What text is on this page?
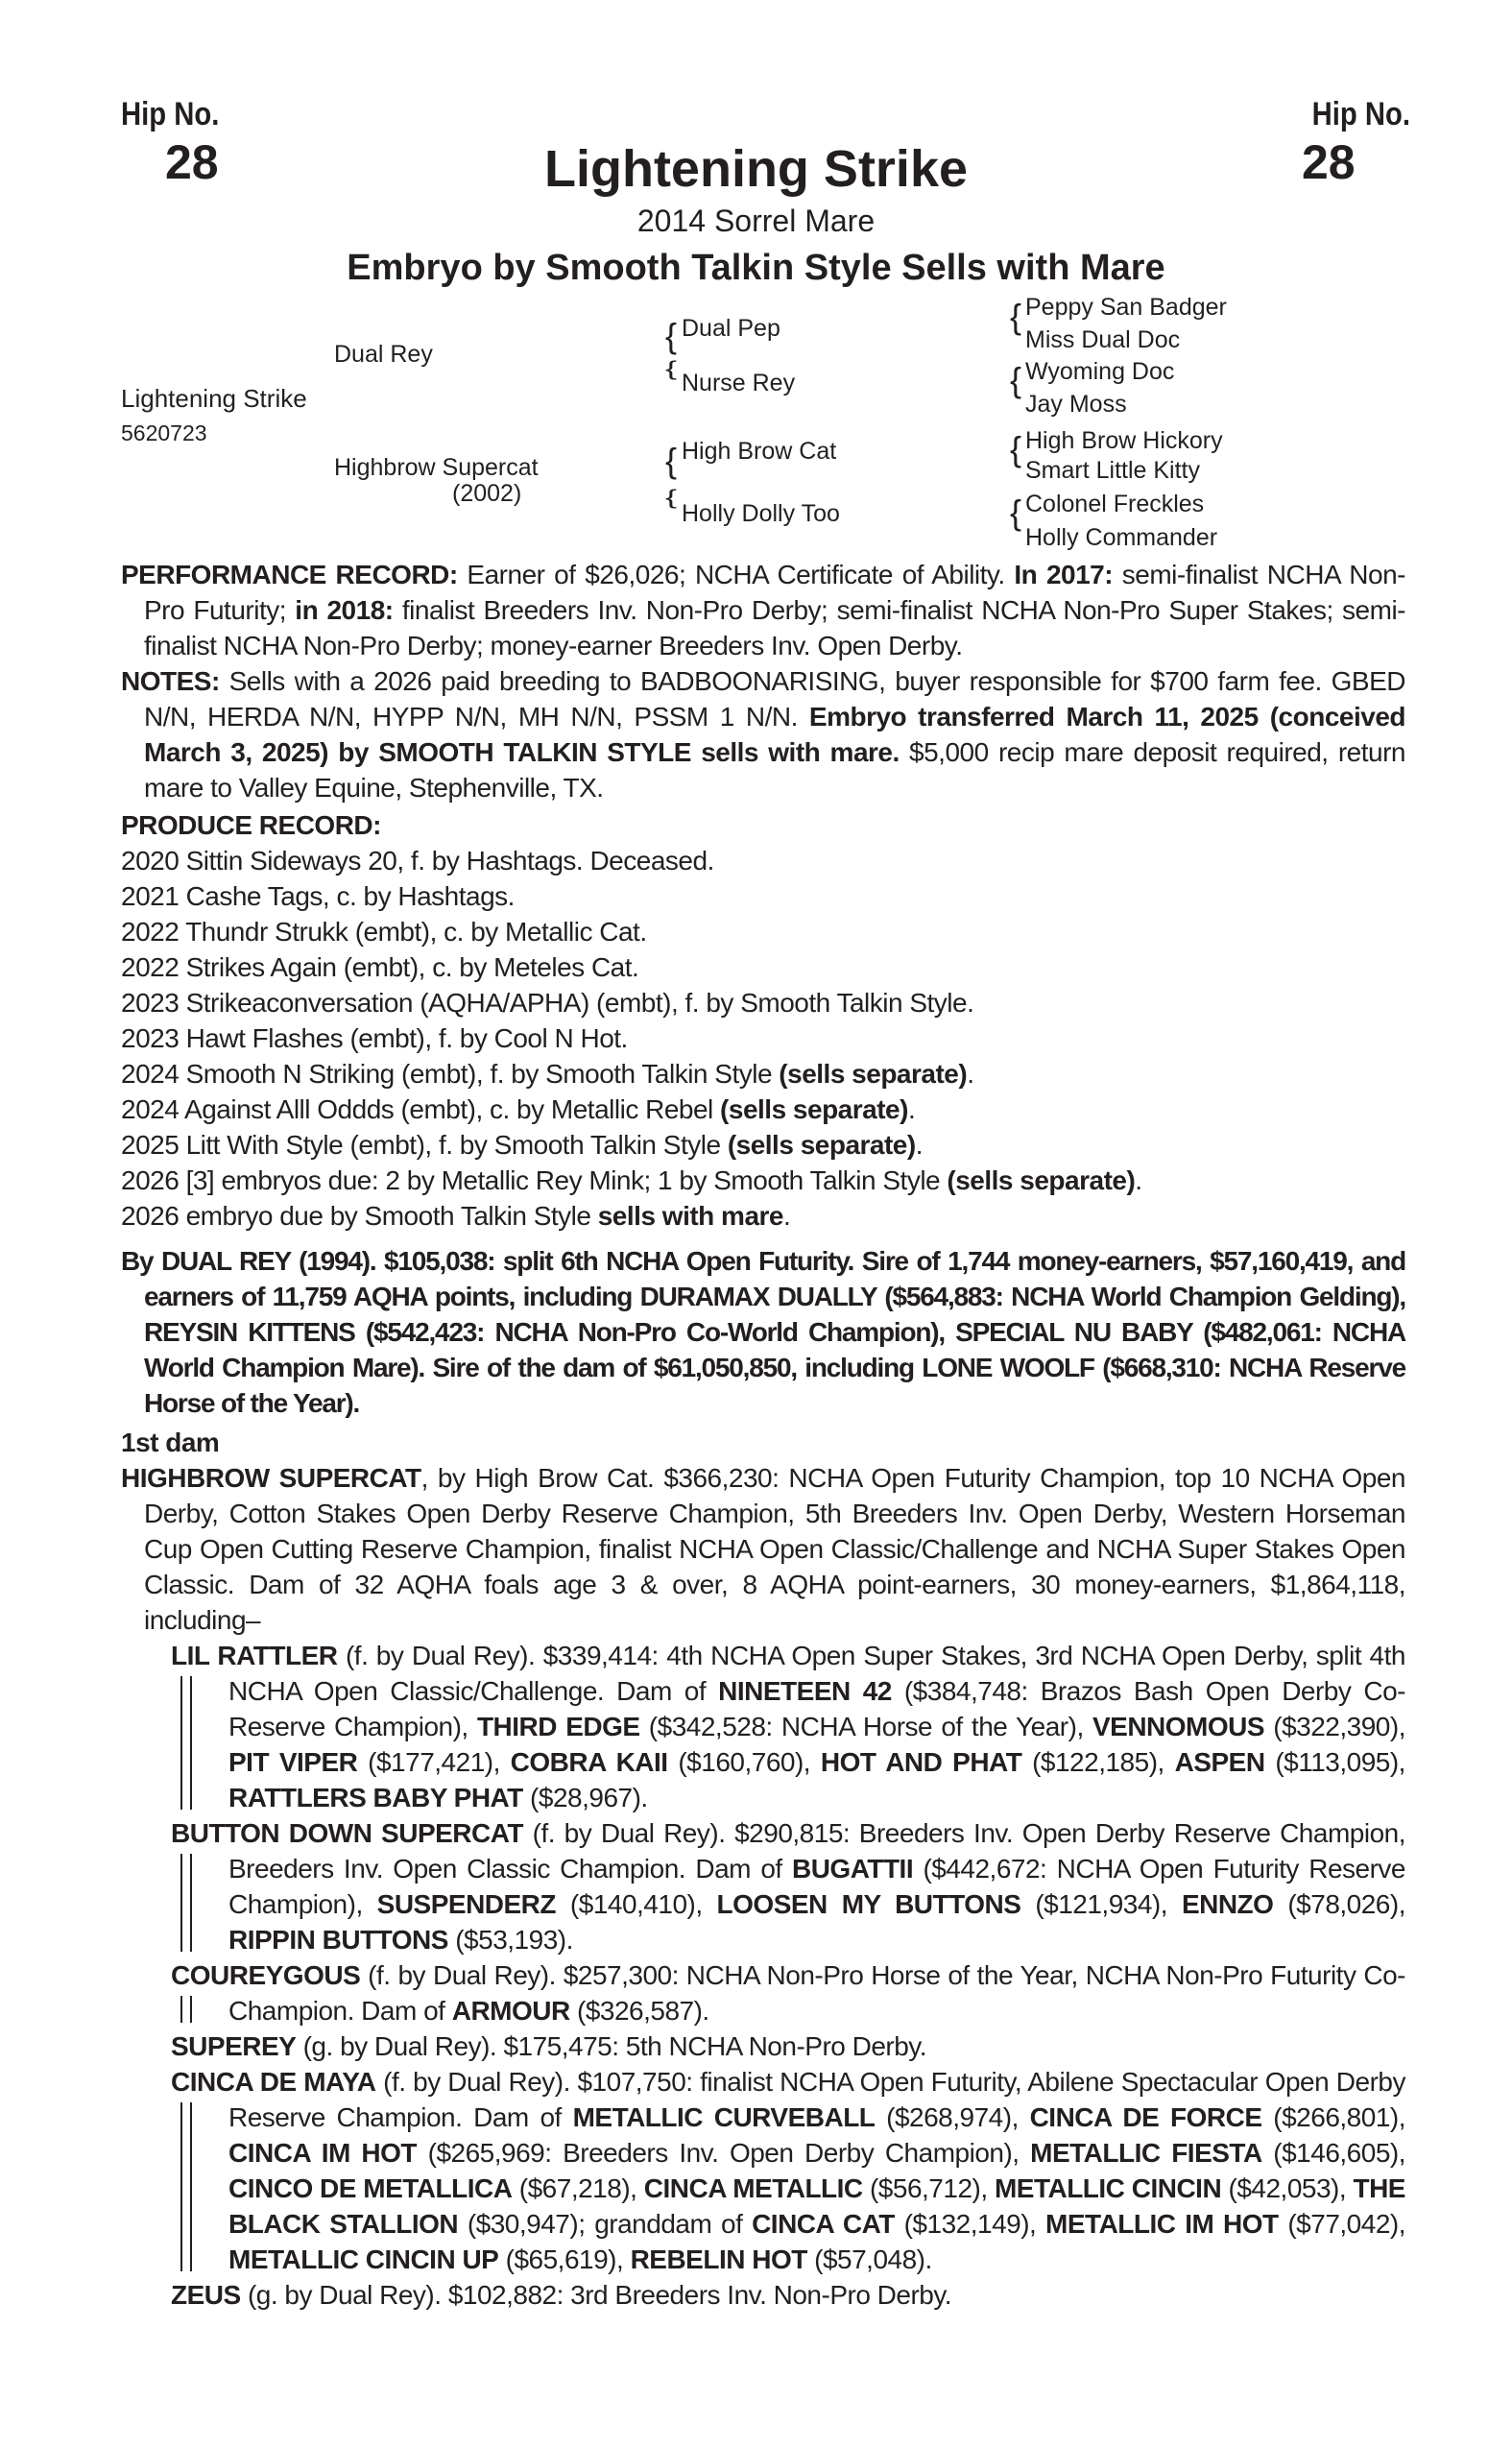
Hip No.
28
Hip No.
28
Lightening Strike
2014 Sorrel Mare
Embryo by Smooth Talkin Style Sells with Mare
Lightening Strike
5620723
Dual Rey
Highbrow Supercat
(2002)
{ Dual Pep
{
Nurse Rey
{ High Brow Cat
{
Holly Dolly Too
{ Peppy San Badger
Miss Dual Doc
{ Wyoming Doc
Jay Moss
{ High Brow Hickory
Smart Little Kitty
{ Colonel Freckles
Holly Commander

PERFORMANCE RECORD: Earner of $26,026; NCHA Certificate of Ability. In 2017: semi-finalist NCHA Non-Pro Futurity; in 2018: finalist Breeders Inv. Non-Pro Derby; semi-finalist NCHA Non-Pro Super Stakes; semi-finalist NCHA Non-Pro Derby; money-earner Breeders Inv. Open Derby.

NOTES: Sells with a 2026 paid breeding to BADBOONARISING, buyer responsible for $700 farm fee. GBED N/N, HERDA N/N, HYPP N/N, MH N/N, PSSM 1 N/N. Embryo transferred March 11, 2025 (conceived March 3, 2025) by SMOOTH TALKIN STYLE sells with mare. $5,000 recip mare deposit required, return mare to Valley Equine, Stephenville, TX.

PRODUCE RECORD:

2020 Sittin Sideways 20, f. by Hashtags. Deceased.

2021 Cashe Tags, c. by Hashtags.

2022 Thundr Strukk (embt), c. by Metallic Cat.

2022 Strikes Again (embt), c. by Meteles Cat.

2023 Strikeaconversation (AQHA/APHA) (embt), f. by Smooth Talkin Style.

2023 Hawt Flashes (embt), f. by Cool N Hot.

2024 Smooth N Striking (embt), f. by Smooth Talkin Style (sells separate).

2024 Against Alll Oddds (embt), c. by Metallic Rebel (sells separate).

2025 Litt With Style (embt), f. by Smooth Talkin Style (sells separate).

2026 [3] embryos due: 2 by Metallic Rey Mink; 1 by Smooth Talkin Style (sells separate).

2026 embryo due by Smooth Talkin Style sells with mare.

By DUAL REY (1994). $105,038: split 6th NCHA Open Futurity. Sire of 1,744 money-earners, $57,160,419, and earners of 11,759 AQHA points, including DURAMAX DUALLY ($564,883: NCHA World Champion Gelding), REYSIN KITTENS ($542,423: NCHA Non-Pro Co-World Champion), SPECIAL NU BABY ($482,061: NCHA World Champion Mare). Sire of the dam of $61,050,850, including LONE WOOLF ($668,310: NCHA Reserve Horse of the Year).

1st dam

HIGHBROW SUPERCAT, by High Brow Cat. $366,230: NCHA Open Futurity Champion, top 10 NCHA Open Derby, Cotton Stakes Open Derby Reserve Champion, 5th Breeders Inv. Open Derby, Western Horseman Cup Open Cutting Reserve Champion, finalist NCHA Open Classic/Challenge and NCHA Super Stakes Open Classic. Dam of 32 AQHA foals age 3 & over, 8 AQHA point-earners, 30 money-earners, $1,864,118, including–

LIL RATTLER (f. by Dual Rey). $339,414: 4th NCHA Open Super Stakes, 3rd NCHA Open Derby, split 4th NCHA Open Classic/Challenge. Dam of NINETEEN 42 ($384,748: Brazos Bash Open Derby Co-Reserve Champion), THIRD EDGE ($342,528: NCHA Horse of the Year), VENNOMOUS ($322,390), PIT VIPER ($177,421), COBRA KAII ($160,760), HOT AND PHAT ($122,185), ASPEN ($113,095), RATTLERS BABY PHAT ($28,967).

BUTTON DOWN SUPERCAT (f. by Dual Rey). $290,815: Breeders Inv. Open Derby Reserve Champion, Breeders Inv. Open Classic Champion. Dam of BUGATTII ($442,672: NCHA Open Futurity Reserve Champion), SUSPENDERZ ($140,410), LOOSEN MY BUTTONS ($121,934), ENNZO ($78,026), RIPPIN BUTTONS ($53,193).

COUREYGOUS (f. by Dual Rey). $257,300: NCHA Non-Pro Horse of the Year, NCHA Non-Pro Futurity Co-Champion. Dam of ARMOUR ($326,587).

SUPEREY (g. by Dual Rey). $175,475: 5th NCHA Non-Pro Derby.

CINCA DE MAYA (f. by Dual Rey). $107,750: finalist NCHA Open Futurity, Abilene Spectacular Open Derby Reserve Champion. Dam of METALLIC CURVEBALL ($268,974), CINCA DE FORCE ($266,801), CINCA IM HOT ($265,969: Breeders Inv. Open Derby Champion), METALLIC FIESTA ($146,605), CINCO DE METALLICA ($67,218), CINCA METALLIC ($56,712), METALLIC CINCIN ($42,053), THE BLACK STALLION ($30,947); granddam of CINCA CAT ($132,149), METALLIC IM HOT ($77,042), METALLIC CINCIN UP ($65,619), REBELIN HOT ($57,048).

ZEUS (g. by Dual Rey). $102,882: 3rd Breeders Inv. Non-Pro Derby.
